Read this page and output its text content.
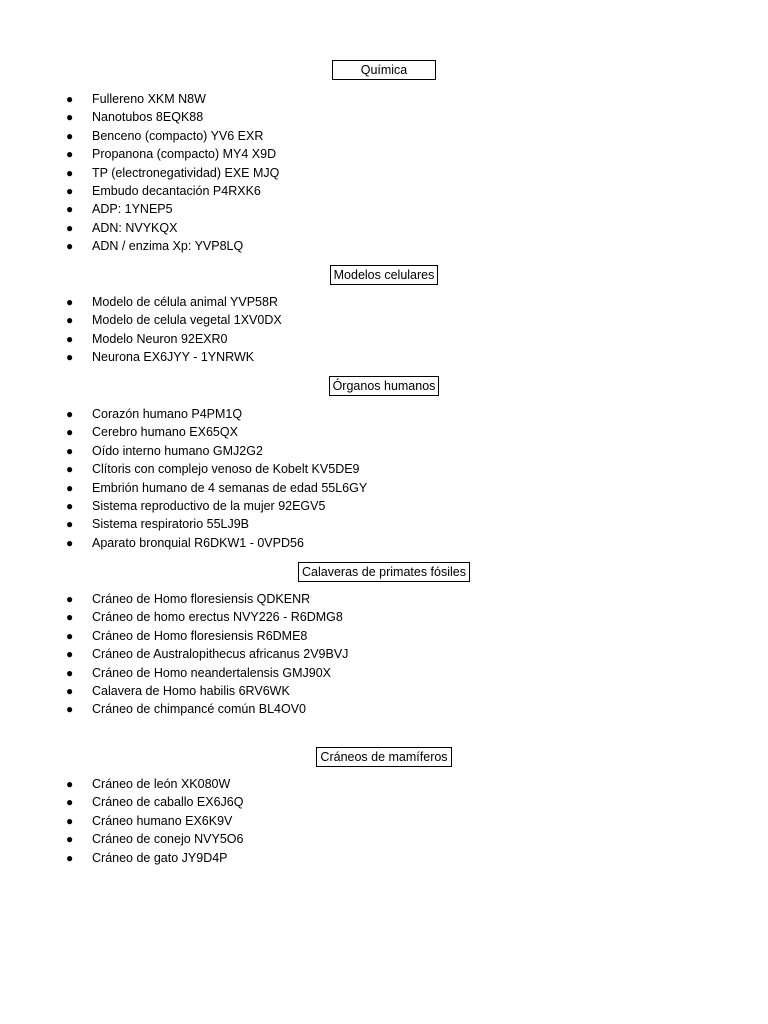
Química
● Fullereno XKM N8W
● Nanotubos 8EQK88
● Benceno (compacto) YV6 EXR
● Propanona (compacto) MY4 X9D
● TP (electronegatividad) EXE MJQ
● Embudo decantación P4RXK6
● ADP: 1YNEP5
● ADN: NVYKQX
● ADN / enzima Xp: YVP8LQ
Modelos celulares
● Modelo de célula animal YVP58R
● Modelo de celula vegetal 1XV0DX
● Modelo Neuron 92EXR0
● Neurona EX6JYY - 1YNRWK
Órganos humanos
● Corazón humano P4PM1Q
● Cerebro humano EX65QX
● Oído interno humano GMJ2G2
● Clítoris con complejo venoso de Kobelt KV5DE9
● Embrión humano de 4 semanas de edad 55L6GY
● Sistema reproductivo de la mujer 92EGV5
● Sistema respiratorio 55LJ9B
● Aparato bronquial R6DKW1 - 0VPD56
Calaveras de primates fósiles
● Cráneo de Homo floresiensis QDKENR
● Cráneo de homo erectus NVY226 - R6DMG8
● Cráneo de Homo floresiensis R6DME8
● Cráneo de Australopithecus africanus 2V9BVJ
● Cráneo de Homo neandertalensis GMJ90X
● Calavera de Homo habilis 6RV6WK
● Cráneo de chimpancé común BL4OV0
Cráneos de mamíferos
● Cráneo de león XK080W
● Cráneo de caballo EX6J6Q
● Cráneo humano EX6K9V
● Cráneo de conejo NVY5O6
● Cráneo de gato JY9D4P
